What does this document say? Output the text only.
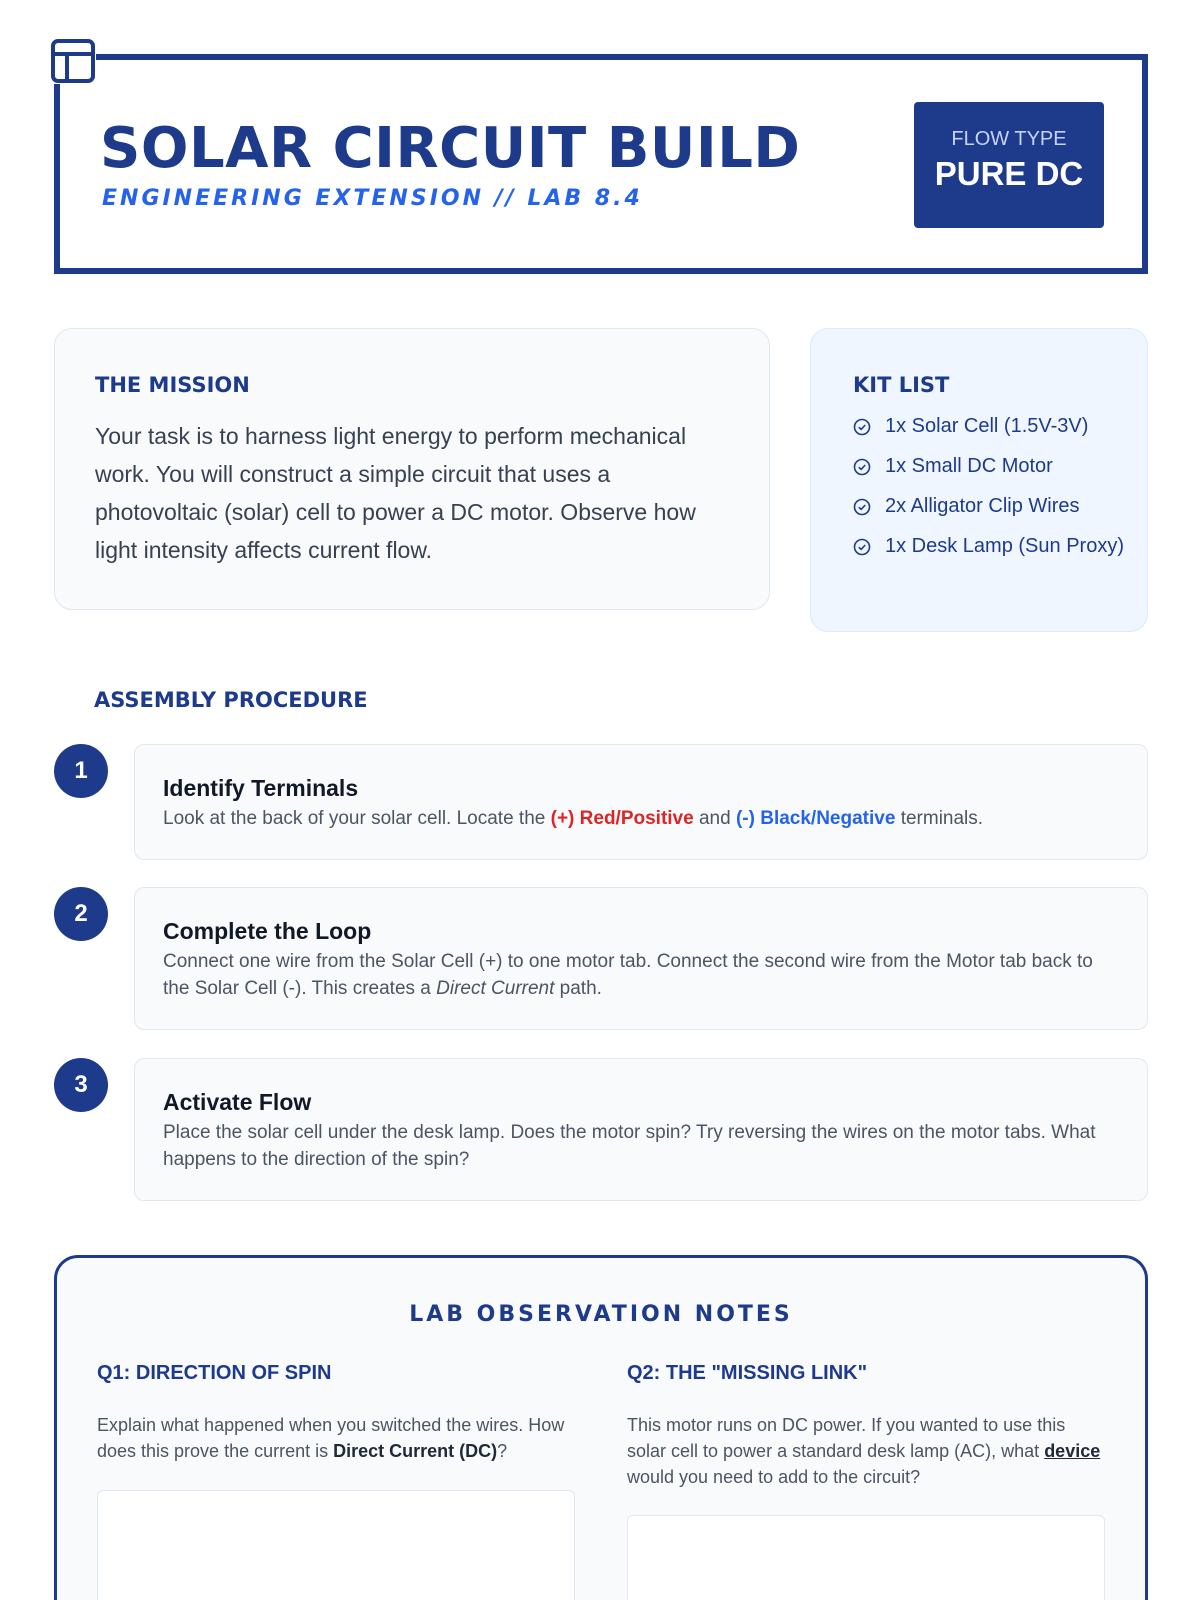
SOLAR CIRCUIT BUILD
ENGINEERING EXTENSION // LAB 8.4
FLOW TYPE
PURE DC
THE MISSION

Your task is to harness light energy to perform mechanical work. You will construct a simple circuit that uses a photovoltaic (solar) cell to power a DC motor. Observe how light intensity affects current flow.

KIT LIST
1x Solar Cell (1.5V-3V)
1x Small DC Motor
2x Alligator Clip Wires
1x Desk Lamp (Sun Proxy)
ASSEMBLY PROCEDURE
1
Identify Terminals
Look at the back of your solar cell. Locate the (+) Red/Positive and (-) Black/Negative terminals.
2
Complete the Loop
Connect one wire from the Solar Cell (+) to one motor tab. Connect the second wire from the Motor tab back to the Solar Cell (-). This creates a Direct Current path.
3
Activate Flow
Place the solar cell under the desk lamp. Does the motor spin? Try reversing the wires on the motor tabs. What happens to the direction of the spin?
LAB OBSERVATION NOTES
Q1: DIRECTION OF SPIN
Explain what happened when you switched the wires. How does this prove the current is Direct Current (DC)?
Q2: THE "MISSING LINK"
This motor runs on DC power. If you wanted to use this solar cell to power a standard desk lamp (AC), what device would you need to add to the circuit?
